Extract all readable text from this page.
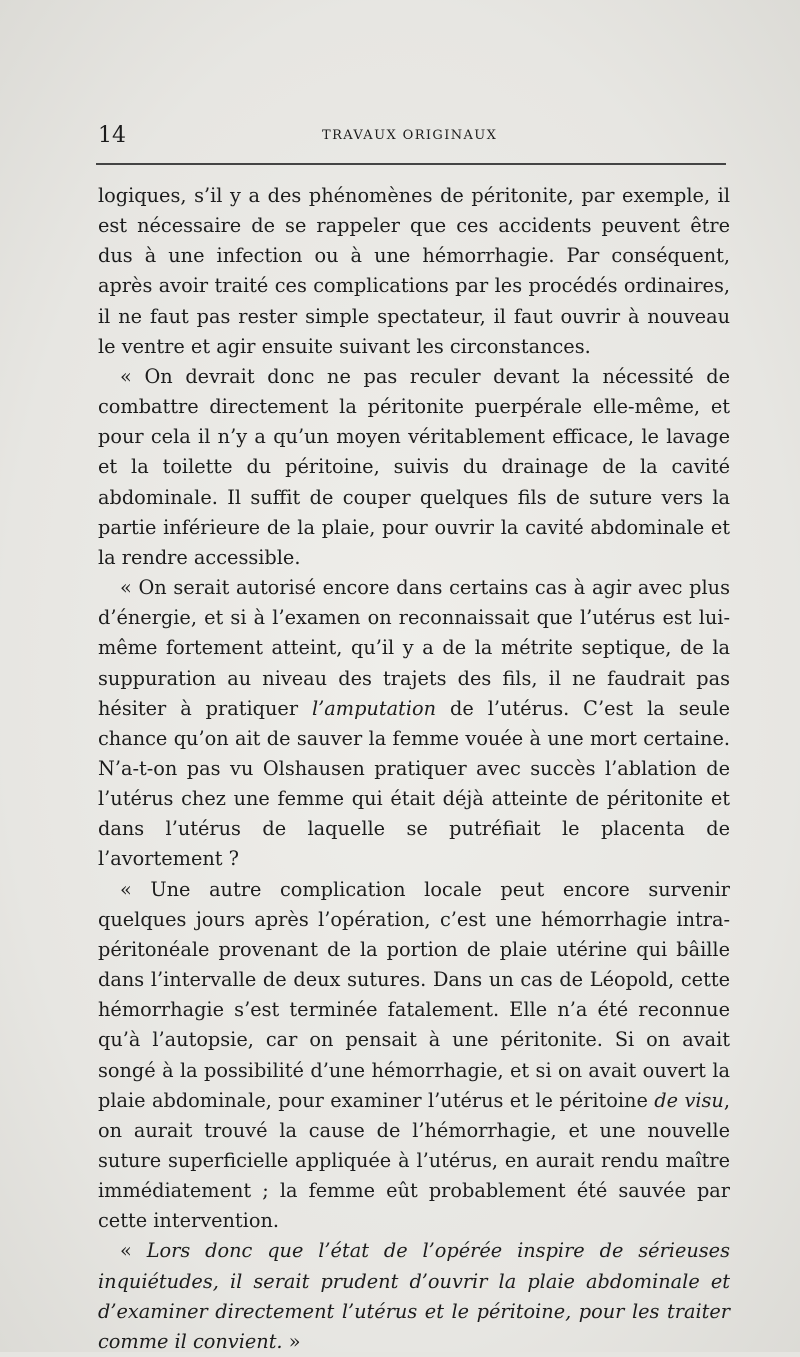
14	TRAVAUX ORIGINAUX

logiques, s’il y a des phénomènes de péritonite, par exemple, il est nécessaire de se rappeler que ces accidents peuvent être dus à une infection ou à une hémorrhagie. Par conséquent, après avoir traité ces complications par les procédés ordinaires, il ne faut pas rester simple spectateur, il faut ouvrir à nouveau le ventre et agir ensuite suivant les circonstances.

« On devrait donc ne pas reculer devant la nécessité de combattre directement la péritonite puerpérale elle-même, et pour cela il n’y a qu’un moyen véritablement efficace, le lavage et la toilette du péritoine, suivis du drainage de la cavité abdominale. Il suffit de couper quelques fils de suture vers la partie inférieure de la plaie, pour ouvrir la cavité abdominale et la rendre accessible.

« On serait autorisé encore dans certains cas à agir avec plus d’énergie, et si à l’examen on reconnaissait que l’utérus est lui-même fortement atteint, qu’il y a de la métrite septique, de la suppuration au niveau des trajets des fils, il ne faudrait pas hésiter à pratiquer l’amputation de l’utérus. C’est la seule chance qu’on ait de sauver la femme vouée à une mort certaine. N’a-t-on pas vu Olshausen pratiquer avec succès l’ablation de l’utérus chez une femme qui était déjà atteinte de péritonite et dans l’utérus de laquelle se putréfiait le placenta de l’avortement ?

« Une autre complication locale peut encore survenir quelques jours après l’opération, c’est une hémorrhagie intra-péritonéale provenant de la portion de plaie utérine qui bâille dans l’intervalle de deux sutures. Dans un cas de Léopold, cette hémorrhagie s’est terminée fatalement. Elle n’a été reconnue qu’à l’autopsie, car on pensait à une péritonite. Si on avait songé à la possibilité d’une hémorrhagie, et si on avait ouvert la plaie abdominale, pour examiner l’utérus et le péritoine de visu, on aurait trouvé la cause de l’hémorrhagie, et une nouvelle suture superficielle appliquée à l’utérus, en aurait rendu maître immédiatement ; la femme eût probablement été sauvée par cette intervention.

« Lors donc que l’état de l’opérée inspire de sérieuses inquiétudes, il serait prudent d’ouvrir la plaie abdominale et d’examiner directement l’utérus et le péritoine, pour les traiter comme il convient. »
